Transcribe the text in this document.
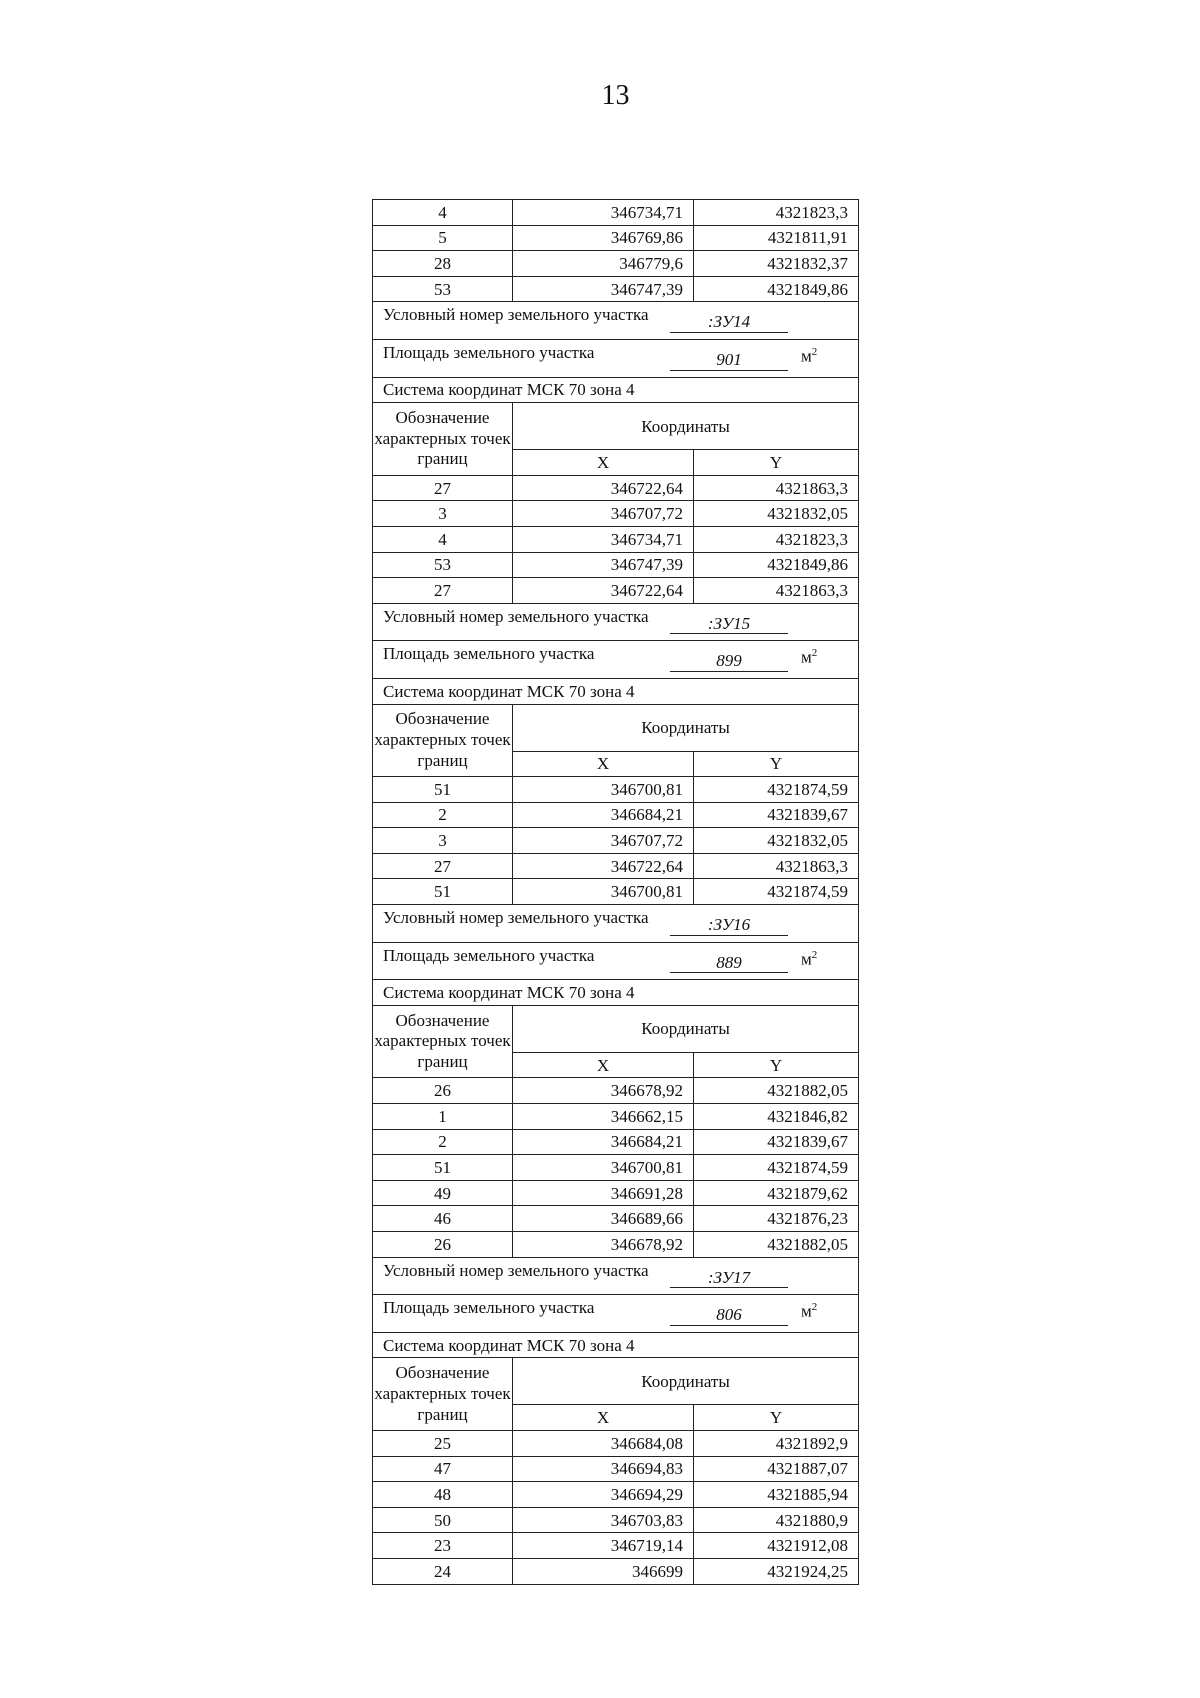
13
4	346734,71	4321823,3
5	346769,86	4321811,91
28	346779,6	4321832,37
53	346747,39	4321849,86

Условный номер земельного участка :ЗУ14		

Площадь земельного участка 901 $м^2$

Система координат МСК 70 зона 4		
Обозначение характерных точек границ	Координаты	
	X	Y
27	346722,64	4321863,3
3	346707,72	4321832,05
4	346734,71	4321823,3
53	346747,39	4321849,86
27	346722,64	4321863,3

Условный номер земельного участка :ЗУ15		

Площадь земельного участка 899 $м^2$

Система координат МСК 70 зона 4		
Обозначение характерных точек границ	Координаты	
	X	Y
51	346700,81	4321874,59
2	346684,21	4321839,67
3	346707,72	4321832,05
27	346722,64	4321863,3
51	346700,81	4321874,59

Условный номер земельного участка :ЗУ16		

Площадь земельного участка 889 $м^2$

Система координат МСК 70 зона 4		
Обозначение характерных точек границ	Координаты	
	X	Y
26	346678,92	4321882,05
1	346662,15	4321846,82
2	346684,21	4321839,67
51	346700,81	4321874,59
49	346691,28	4321879,62
46	346689,66	4321876,23
26	346678,92	4321882,05

Условный номер земельного участка :ЗУ17		

Площадь земельного участка 806 $м^2$

Система координат МСК 70 зона 4		
Обозначение характерных точек границ	Координаты	
	X	Y
25	346684,08	4321892,9
47	346694,83	4321887,07
48	346694,29	4321885,94
50	346703,83	4321880,9
23	346719,14	4321912,08
24	346699	4321924,25
